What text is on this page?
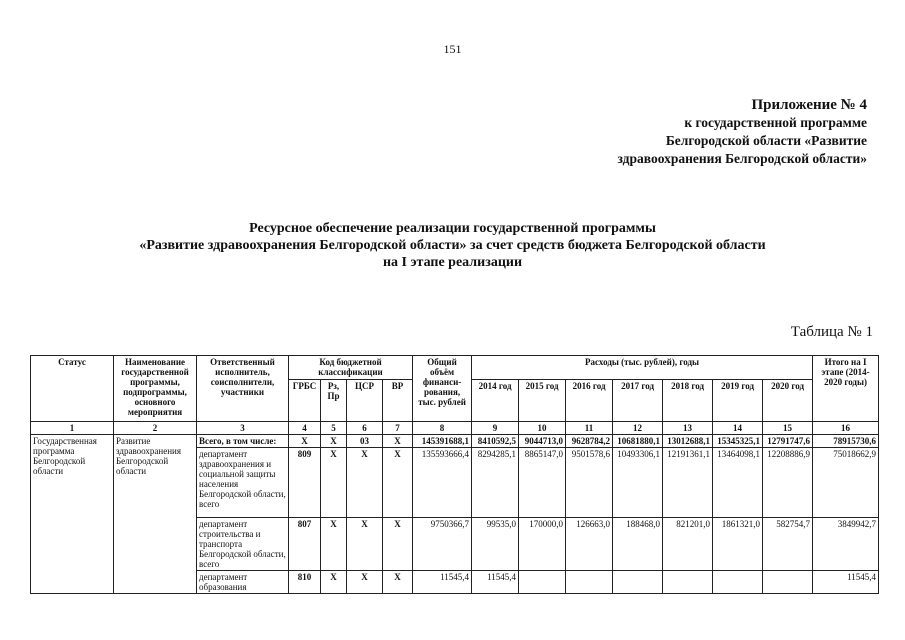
151
Приложение № 4
к государственной программе
Белгородской области «Развитие
здравоохранения Белгородской области»
Ресурсное обеспечение реализации государственной программы
«Развитие здравоохранения Белгородской области» за счет средств бюджета Белгородской области
на I этапе реализации
Таблица № 1
Статус	Наименование государственной программы, подпрограммы, основного мероприятия	Ответственный исполнитель, соисполнители, участники	Код бюджетной классификации				Общий объём финанси-рования, тыс. рублей	Расходы (тыс. рублей), годы							Итого на I этапе (2014-2020 годы)
			ГРБС	Рз, Пр	ЦСР	ВР		2014 год	2015 год	2016 год	2017 год	2018 год	2019 год	2020 год	
1	2	3	4	5	6	7	8	9	10	11	12	13	14	15	16
Государственная программа Белгородской области	Развитие здравоохранения Белгородской области	Всего, в том числе:	Х	Х	03	Х	145391688,1	8410592,5	9044713,0	9628784,2	10681880,1	13012688,1	15345325,1	12791747,6	78915730,6
		департамент здравоохранения и социальной защиты населения Белгородской области, всего	809	Х	Х	Х	135593666,4	8294285,1	8865147,0	9501578,6	10493306,1	12191361,1	13464098,1	12208886,9	75018662,9
		департамент строительства и транспорта Белгородской области, всего	807	Х	Х	Х	9750366,7	99535,0	170000,0	126663,0	188468,0	821201,0	1861321,0	582754,7	3849942,7
		департамент образования	810	Х	Х	Х	11545,4	11545,4							11545,4
